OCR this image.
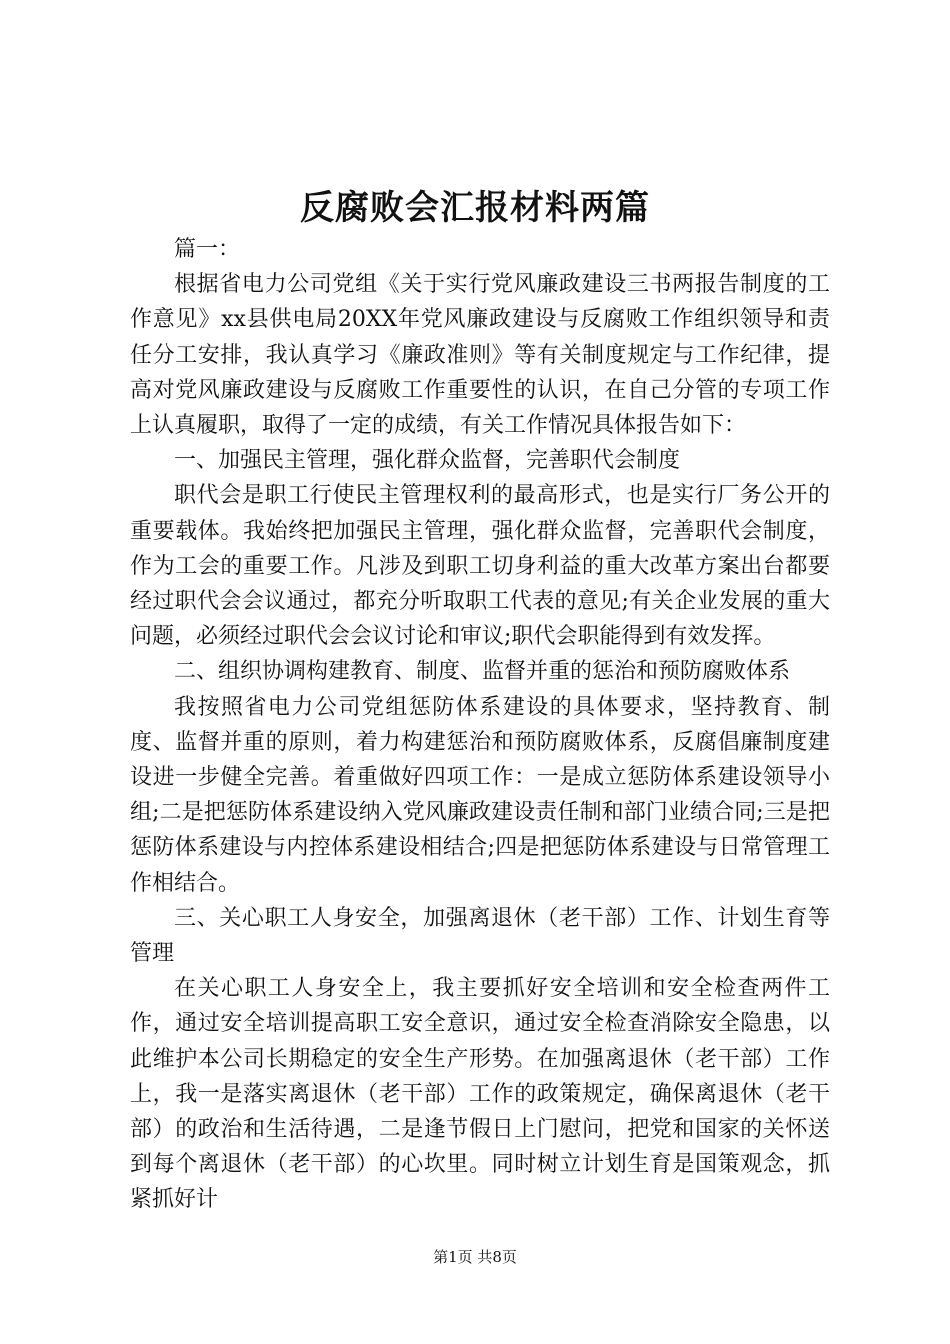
反腐败会汇报材料两篇

篇一：

根据省电力公司党组《关于实行党风廉政建设三书两报告制度的工作意见》xx县供电局20XX年党风廉政建设与反腐败工作组织领导和责任分工安排，我认真学习《廉政准则》等有关制度规定与工作纪律，提高对党风廉政建设与反腐败工作重要性的认识，在自己分管的专项工作上认真履职，取得了一定的成绩，有关工作情况具体报告如下：

一、加强民主管理，强化群众监督，完善职代会制度

职代会是职工行使民主管理权利的最高形式，也是实行厂务公开的重要载体。我始终把加强民主管理，强化群众监督，完善职代会制度，作为工会的重要工作。凡涉及到职工切身利益的重大改革方案出台都要经过职代会会议通过，都充分听取职工代表的意见;有关企业发展的重大问题，必须经过职代会会议讨论和审议;职代会职能得到有效发挥。

二、组织协调构建教育、制度、监督并重的惩治和预防腐败体系

我按照省电力公司党组惩防体系建设的具体要求，坚持教育、制度、监督并重的原则，着力构建惩治和预防腐败体系，反腐倡廉制度建设进一步健全完善。着重做好四项工作：一是成立惩防体系建设领导小组;二是把惩防体系建设纳入党风廉政建设责任制和部门业绩合同;三是把惩防体系建设与内控体系建设相结合;四是把惩防体系建设与日常管理工作相结合。

三、关心职工人身安全，加强离退休（老干部）工作、计划生育等管理

在关心职工人身安全上，我主要抓好安全培训和安全检查两件工作，通过安全培训提高职工安全意识，通过安全检查消除安全隐患，以此维护本公司长期稳定的安全生产形势。在加强离退休（老干部）工作上，我一是落实离退休（老干部）工作的政策规定，确保离退休（老干部）的政治和生活待遇，二是逢节假日上门慰问，把党和国家的关怀送到每个离退休（老干部）的心坎里。同时树立计划生育是国策观念，抓紧抓好计

第1页 共8页
